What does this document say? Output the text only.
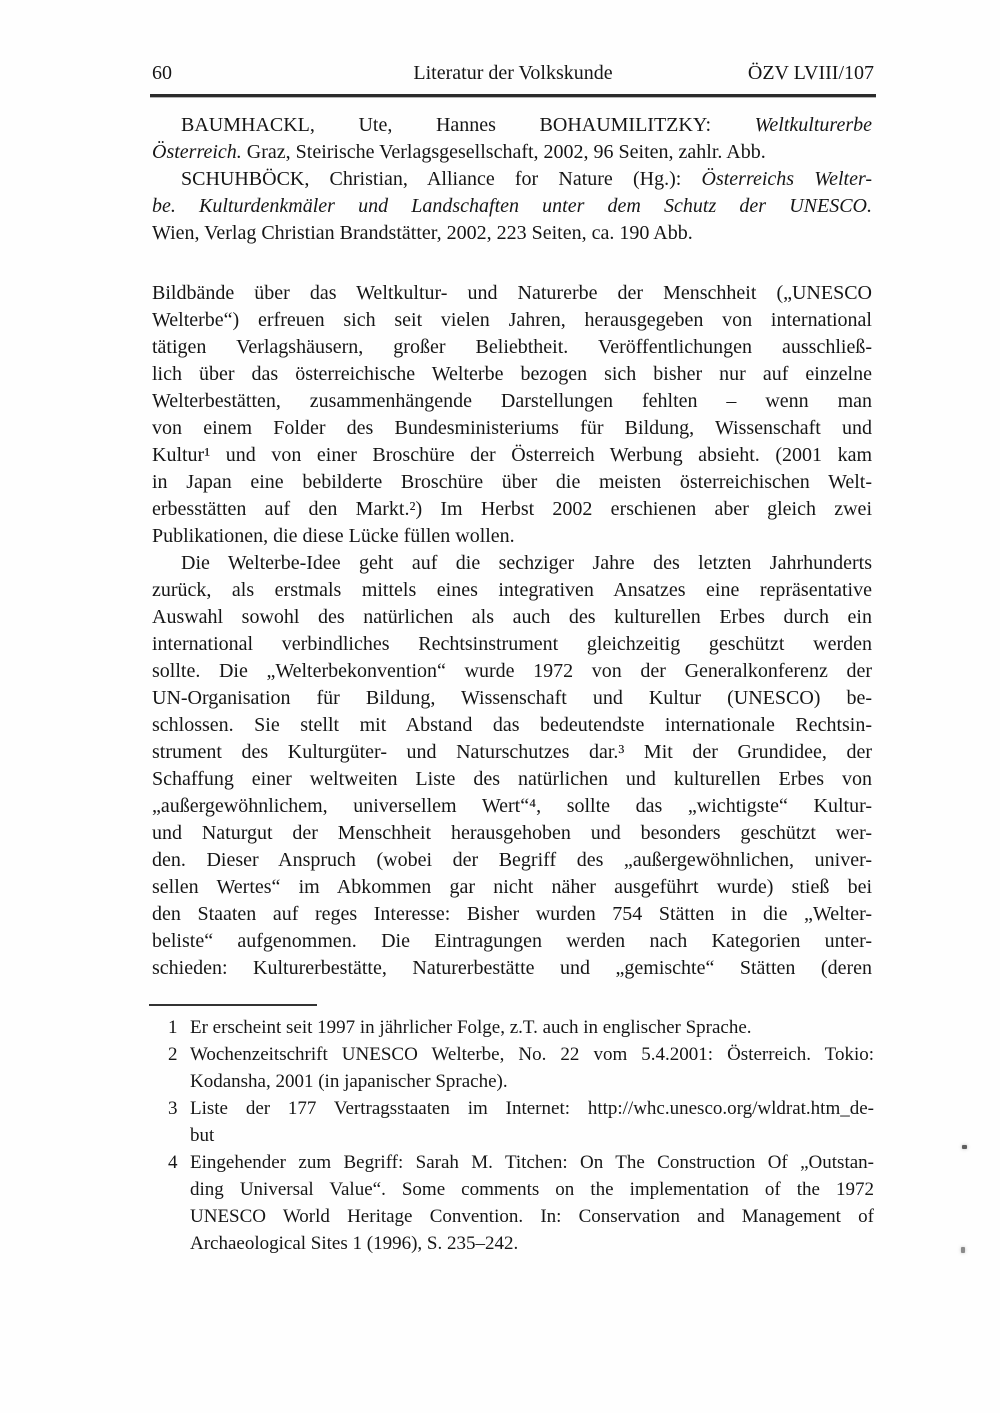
60	Literatur der Volkskunde	ÖZV LVIII/107
BAUMHACKL, Ute, Hannes BOHAUMILITZKY: Weltkulturerbe
Österreich. Graz, Steirische Verlagsgesellschaft, 2002, 96 Seiten, zahlr. Abb.
SCHUHBÖCK, Christian, Alliance for Nature (Hg.): Österreichs Welter-
be. Kulturdenkmäler und Landschaften unter dem Schutz der UNESCO.
Wien, Verlag Christian Brandstätter, 2002, 223 Seiten, ca. 190 Abb.
Bildbände über das Weltkultur- und Naturerbe der Menschheit („UNESCO
Welterbe“) erfreuen sich seit vielen Jahren, herausgegeben von international
tätigen Verlagshäusern, großer Beliebtheit. Veröffentlichungen ausschließ-
lich über das österreichische Welterbe bezogen sich bisher nur auf einzelne
Welterbestätten, zusammenhängende Darstellungen fehlten – wenn man
von einem Folder des Bundesministeriums für Bildung, Wissenschaft und
Kultur¹ und von einer Broschüre der Österreich Werbung absieht. (2001 kam
in Japan eine bebilderte Broschüre über die meisten österreichischen Welt-
erbesstätten auf den Markt.²) Im Herbst 2002 erschienen aber gleich zwei
Publikationen, die diese Lücke füllen wollen.
Die Welterbe-Idee geht auf die sechziger Jahre des letzten Jahrhunderts
zurück, als erstmals mittels eines integrativen Ansatzes eine repräsentative
Auswahl sowohl des natürlichen als auch des kulturellen Erbes durch ein
international verbindliches Rechtsinstrument gleichzeitig geschützt werden
sollte. Die „Welterbekonvention“ wurde 1972 von der Generalkonferenz der
UN-Organisation für Bildung, Wissenschaft und Kultur (UNESCO) be-
schlossen. Sie stellt mit Abstand das bedeutendste internationale Rechtsin-
strument des Kulturgüter- und Naturschutzes dar.³ Mit der Grundidee, der
Schaffung einer weltweiten Liste des natürlichen und kulturellen Erbes von
„außergewöhnlichem, universellem Wert“⁴, sollte das „wichtigste“ Kultur-
und Naturgut der Menschheit herausgehoben und besonders geschützt wer-
den. Dieser Anspruch (wobei der Begriff des „außergewöhnlichen, univer-
sellen Wertes“ im Abkommen gar nicht näher ausgeführt wurde) stieß bei
den Staaten auf reges Interesse: Bisher wurden 754 Stätten in die „Welter-
beliste“ aufgenommen. Die Eintragungen werden nach Kategorien unter-
schieden: Kulturerbestätte, Naturerbestätte und „gemischte“ Stätten (deren
1 Er erscheint seit 1997 in jährlicher Folge, z.T. auch in englischer Sprache.
2 Wochenzeitschrift UNESCO Welterbe, No. 22 vom 5.4.2001: Österreich. Tokio:
Kodansha, 2001 (in japanischer Sprache).
3 Liste der 177 Vertragsstaaten im Internet: http://whc.unesco.org/wldrat.htm_de-
but
4 Eingehender zum Begriff: Sarah M. Titchen: On The Construction Of „Outstan-
ding Universal Value“. Some comments on the implementation of the 1972
UNESCO World Heritage Convention. In: Conservation and Management of
Archaeological Sites 1 (1996), S. 235–242.
